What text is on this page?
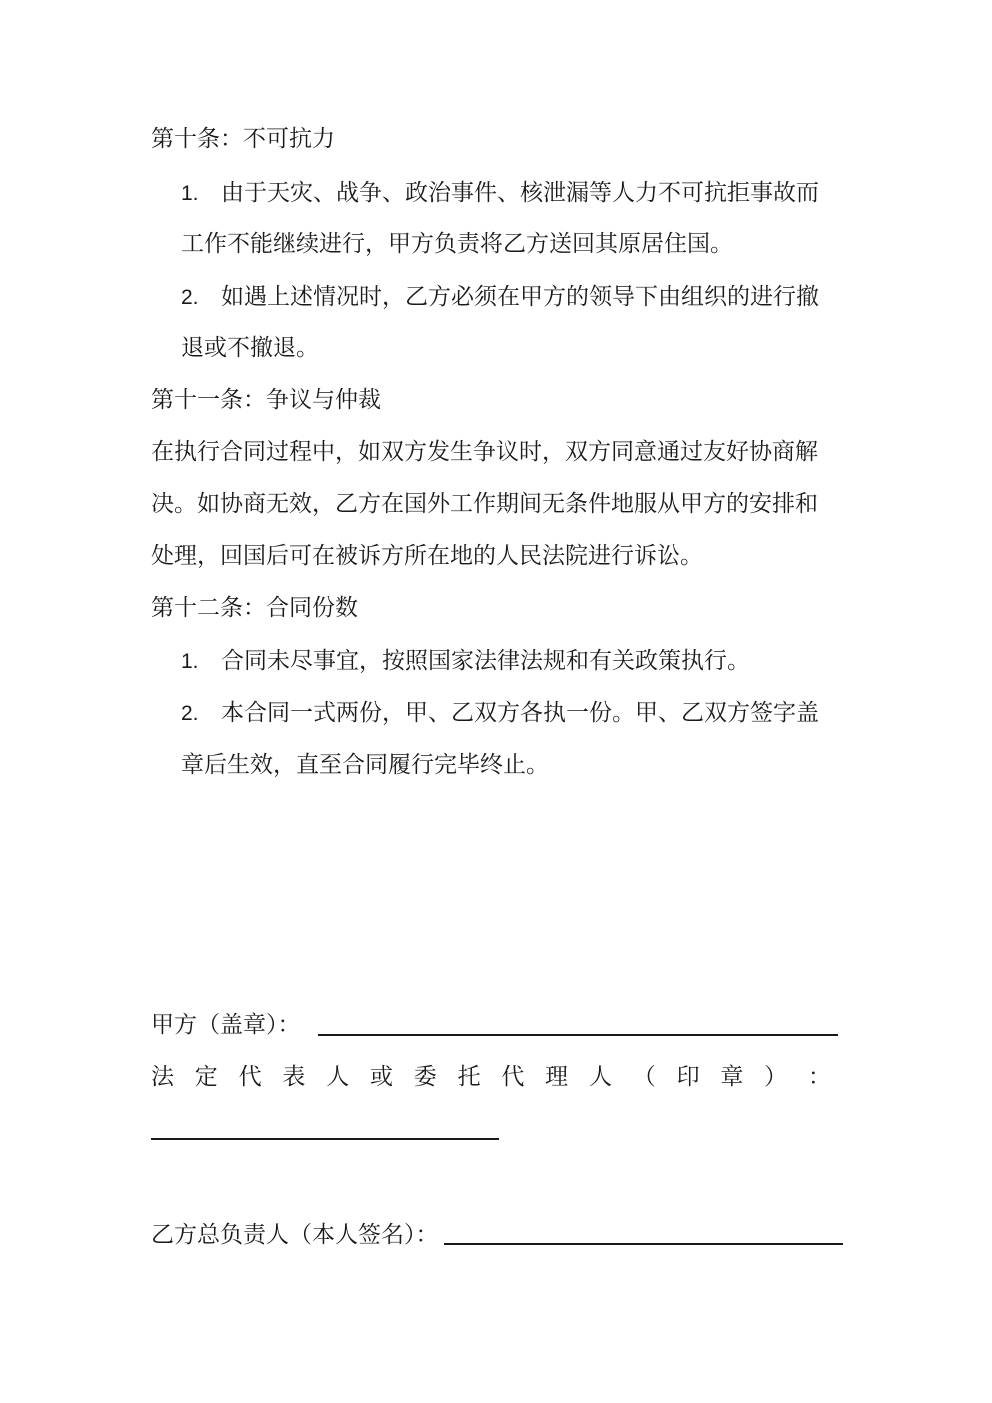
第十条：不可抗力
1. 由于天灾、战争、政治事件、核泄漏等人力不可抗拒事故而
工作不能继续进行，甲方负责将乙方送回其原居住国。
2. 如遇上述情况时，乙方必须在甲方的领导下由组织的进行撤
退或不撤退。
第十一条：争议与仲裁
在执行合同过程中，如双方发生争议时，双方同意通过友好协商解
决。如协商无效，乙方在国外工作期间无条件地服从甲方的安排和
处理，回国后可在被诉方所在地的人民法院进行诉讼。
第十二条：合同份数
1. 合同未尽事宜，按照国家法律法规和有关政策执行。
2. 本合同一式两份，甲、乙双方各执一份。甲、乙双方签字盖
章后生效，直至合同履行完毕终止。
甲方（盖章）：
法 定 代 表 人 或 委 托 代 理 人 （ 印 章 ） ：
乙方总负责人（本人签名）：
